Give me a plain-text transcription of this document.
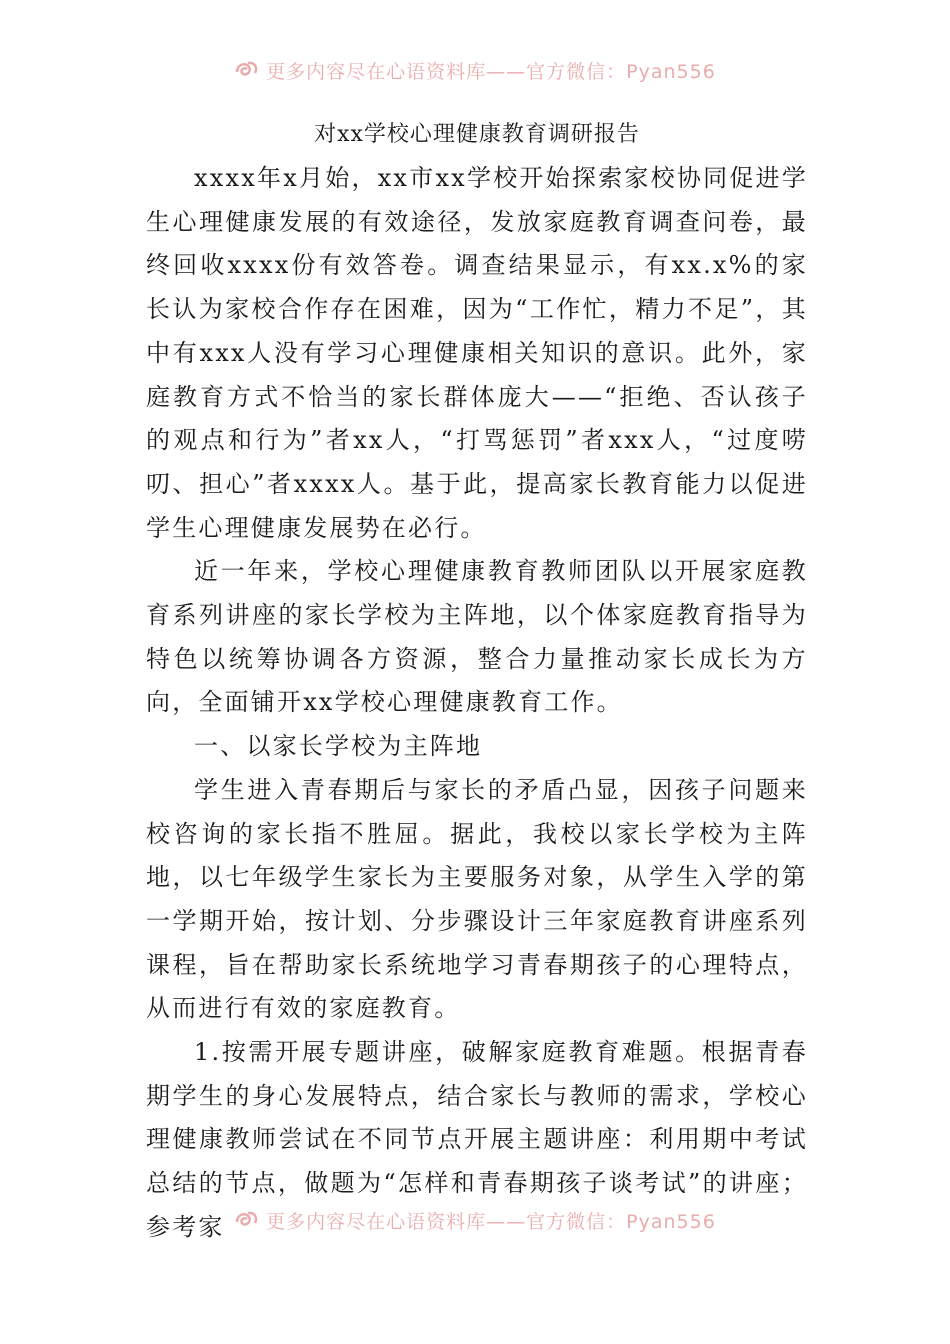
更多内容尽在心语资料库——官方微信：Pyan556
对xx学校心理健康教育调研报告

xxxx年x月始，xx市xx学校开始探索家校协同促进学生心理健康发展的有效途径，发放家庭教育调查问卷，最终回收xxxx份有效答卷。调查结果显示，有xx.x%的家长认为家校合作存在困难，因为“工作忙，精力不足”，其中有xxx人没有学习心理健康相关知识的意识。此外，家庭教育方式不恰当的家长群体庞大——“拒绝、否认孩子的观点和行为”者xx人，“打骂惩罚”者xxx人，“过度唠叨、担心”者xxxx人。基于此，提高家长教育能力以促进学生心理健康发展势在必行。

近一年来，学校心理健康教育教师团队以开展家庭教育系列讲座的家长学校为主阵地，以个体家庭教育指导为特色以统筹协调各方资源，整合力量推动家长成长为方向，全面铺开xx学校心理健康教育工作。

一、以家长学校为主阵地

学生进入青春期后与家长的矛盾凸显，因孩子问题来校咨询的家长指不胜屈。据此，我校以家长学校为主阵地，以七年级学生家长为主要服务对象，从学生入学的第一学期开始，按计划、分步骤设计三年家庭教育讲座系列课程，旨在帮助家长系统地学习青春期孩子的心理特点，从而进行有效的家庭教育。

1.按需开展专题讲座，破解家庭教育难题。根据青春期学生的身心发展特点，结合家长与教师的需求，学校心理健康教师尝试在不同节点开展主题讲座：利用期中考试总结的节点，做题为“怎样和青春期孩子谈考试”的讲座；参考家	更多内容尽在心语资料库——官方微信：Pyan556
